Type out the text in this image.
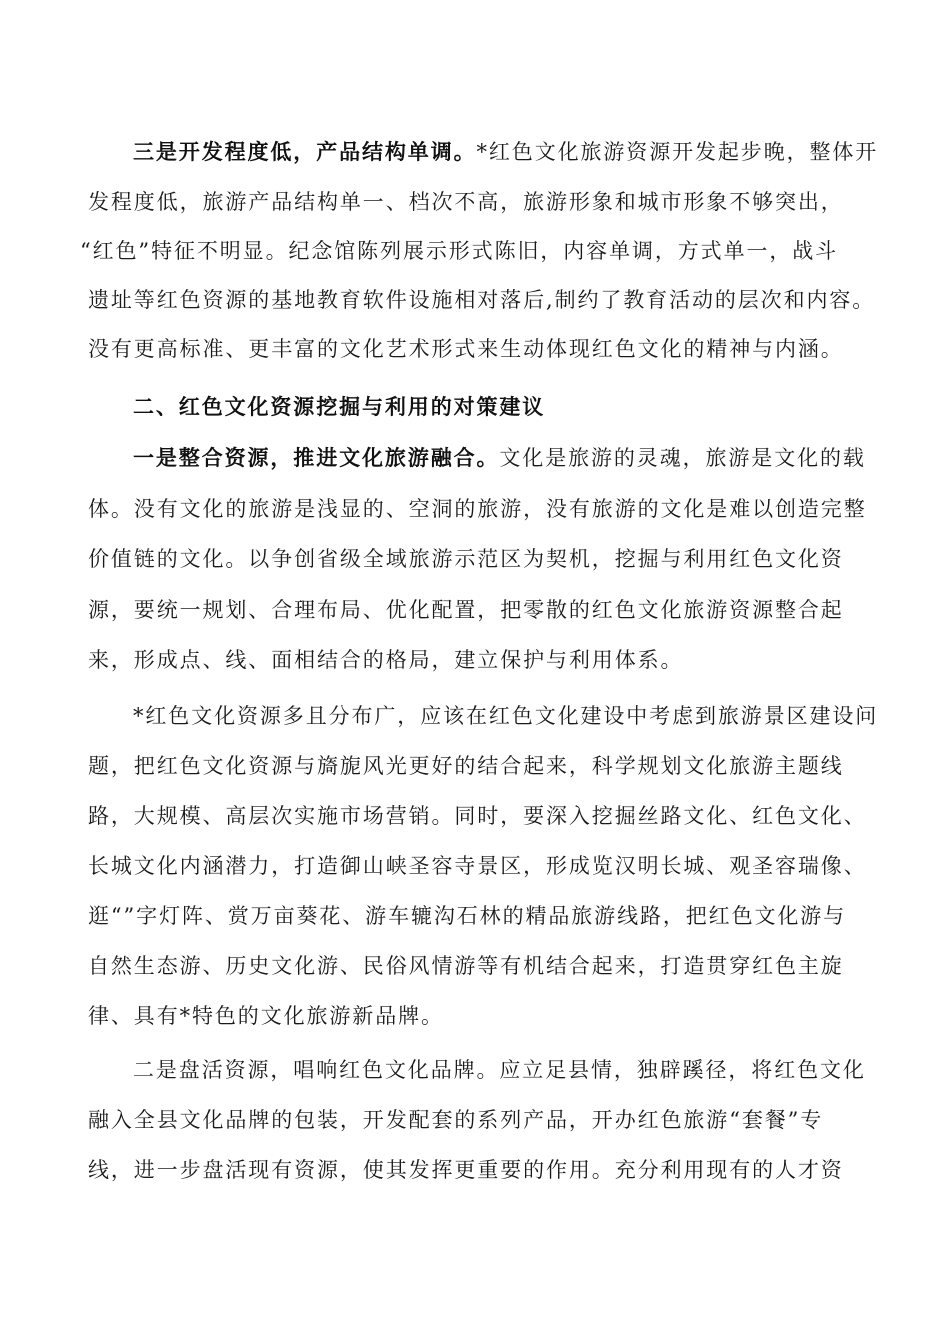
三是开发程度低，产品结构单调。*红色文化旅游资源开发起步晚，整体开
发程度低，旅游产品结构单一、档次不高，旅游形象和城市形象不够突出，
“红色”特征不明显。纪念馆陈列展示形式陈旧，内容单调，方式单一，战斗
遗址等红色资源的基地教育软件设施相对落后,制约了教育活动的层次和内容。
没有更高标准、更丰富的文化艺术形式来生动体现红色文化的精神与内涵。
二、红色文化资源挖掘与利用的对策建议
一是整合资源，推进文化旅游融合。文化是旅游的灵魂，旅游是文化的载
体。没有文化的旅游是浅显的、空洞的旅游，没有旅游的文化是难以创造完整
价值链的文化。以争创省级全域旅游示范区为契机，挖掘与利用红色文化资
源，要统一规划、合理布局、优化配置，把零散的红色文化旅游资源整合起
来，形成点、线、面相结合的格局，建立保护与利用体系。
*红色文化资源多且分布广，应该在红色文化建设中考虑到旅游景区建设问
题，把红色文化资源与旖旎风光更好的结合起来，科学规划文化旅游主题线
路，大规模、高层次实施市场营销。同时，要深入挖掘丝路文化、红色文化、
长城文化内涵潜力，打造御山峡圣容寺景区，形成览汉明长城、观圣容瑞像、
逛“”字灯阵、赏万亩葵花、游车辘沟石林的精品旅游线路，把红色文化游与
自然生态游、历史文化游、民俗风情游等有机结合起来，打造贯穿红色主旋
律、具有*特色的文化旅游新品牌。
二是盘活资源，唱响红色文化品牌。应立足县情，独辟蹊径，将红色文化
融入全县文化品牌的包装，开发配套的系列产品，开办红色旅游“套餐”专
线，进一步盘活现有资源，使其发挥更重要的作用。充分利用现有的人才资
